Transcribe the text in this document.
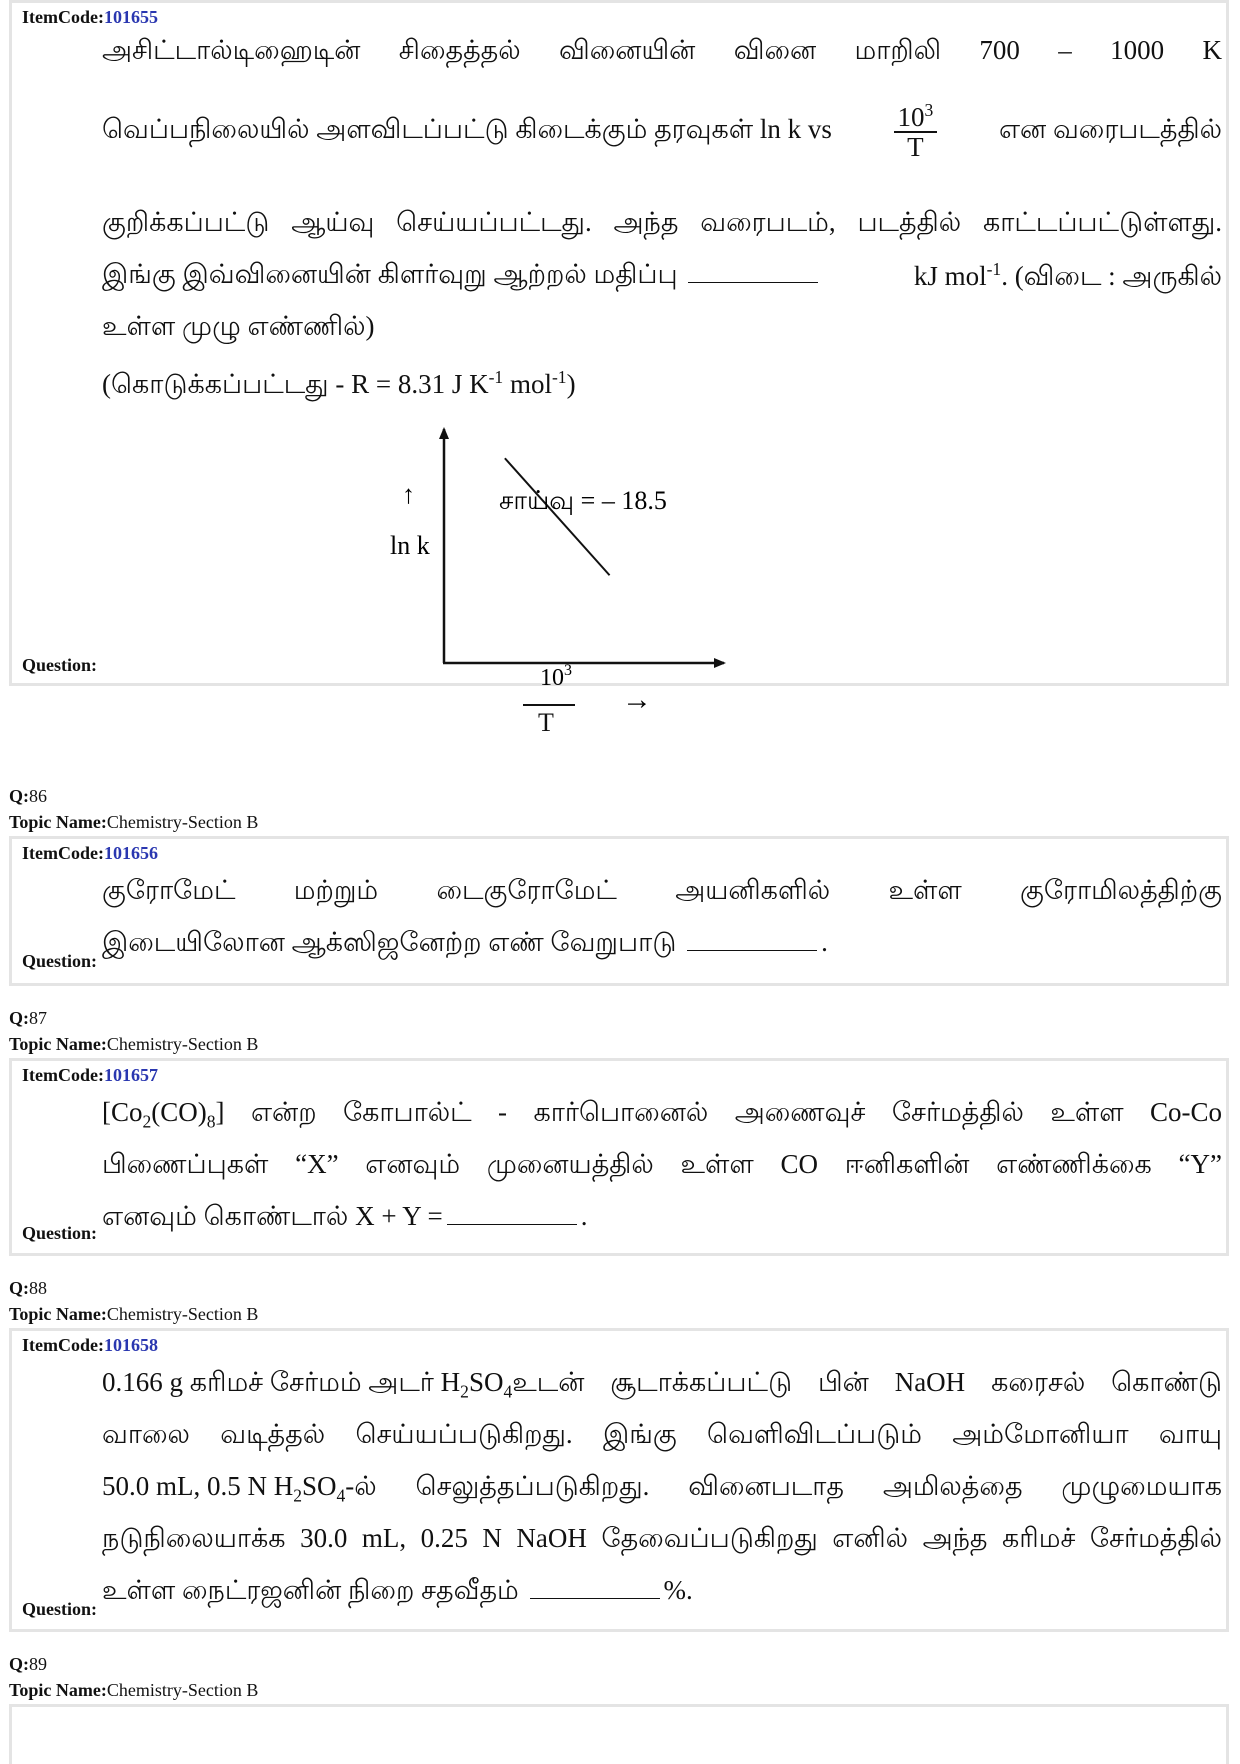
ItemCode:101655
அசிட்டால்டிஹைடின் சிதைத்தல் வினையின் வினை மாறிலி 700 – 1000 K
வெப்பநிலையில் அளவிடப்பட்டு கிடைக்கும் தரவுகள் ln k vs $\frac{10^3}{T}$ என வரைபடத்தில்
குறிக்கப்பட்டு ஆய்வு செய்யப்பட்டது. அந்த வரைபடம், படத்தில் காட்டப்பட்டுள்ளது.
இங்கு இவ்வினையின் கிளர்வுறு ஆற்றல் மதிப்பு	kJ mol$^{-1}$. (விடை : அருகில்
உள்ள முழு எண்ணில்)
(கொடுக்கப்பட்டது - R = 8.31 J $K^{-1}$ mol$^{-1}$)
சாய்வு = – 18.5
↑
ln k
$10^3$
→
Question:
T
Q:86
Topic Name:Chemistry-Section B
ItemCode:101656
குரோமேட் மற்றும் டைகுரோமேட் அயனிகளில் உள்ள குரோமிலத்திற்கு
இடையிலோன ஆக்ஸிஜனேற்ற எண் வேறுபாடு	.
Question:
Q:87
Topic Name:Chemistry-Section B
ItemCode:101657
[$Co_2(CO)_8$ ] என்ற கோபால்ட் - கார்பொனைல் அணைவுச் சேர்மத்தில் உள்ள Co-Co
பிணைப்புகள் “X” எனவும் முனையத்தில் உள்ள CO ஈனிகளின் எண்ணிக்கை “Y”
எனவும் கொண்டால் X + Y =	.
Question:
Q:88
Topic Name:Chemistry-Section B
ItemCode:101658
0.166 g கரிமச் சேர்மம் அடர் $H_2SO_4$ உடன் சூடாக்கப்பட்டு பின் NaOH கரைசல் கொண்டு
வாலை வடித்தல் செய்யப்படுகிறது. இங்கு வெளிவிடப்படும் அம்மோனியா வாயு
50.0 mL, 0.5 N $H_2SO_4$ -ல் செலுத்தப்படுகிறது. வினைபடாத அமிலத்தை முழுமையாக
நடுநிலையாக்க 30.0 mL, 0.25 N NaOH தேவைப்படுகிறது எனில் அந்த கரிமச் சேர்மத்தில்
உள்ள நைட்ரஜனின் நிறை சதவீதம்	%.
Question:
Q:89
Topic Name:Chemistry-Section B
